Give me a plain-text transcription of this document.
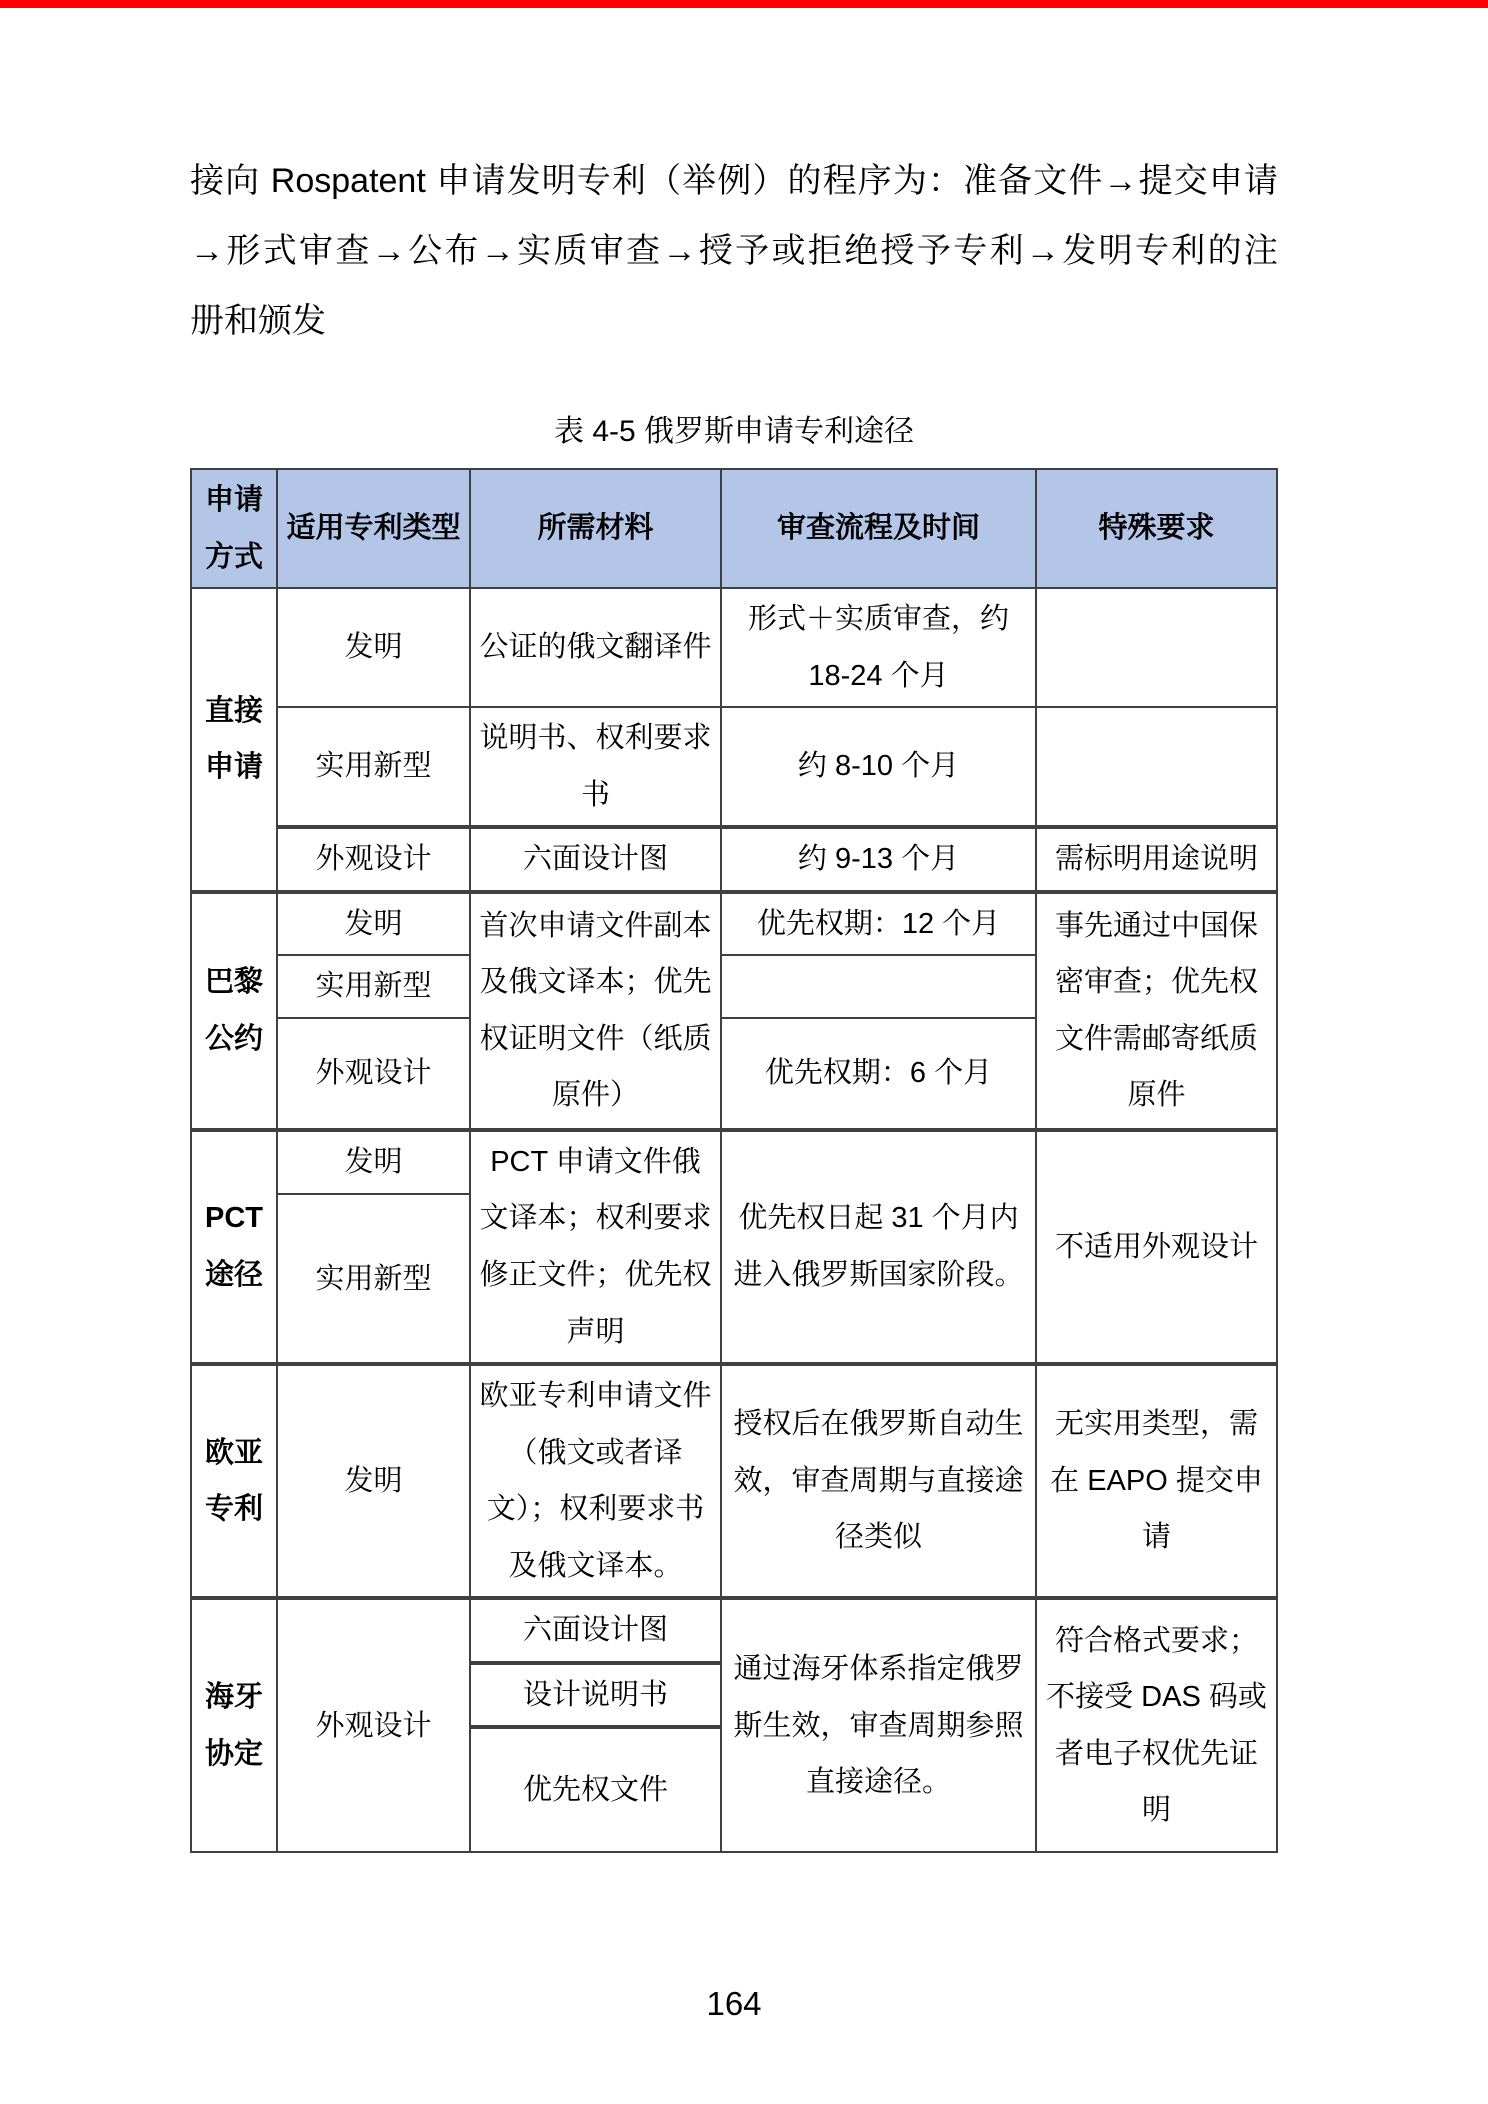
接向 Rospatent 申请发明专利（举例）的程序为：准备文件→提交申请
→形式审查→公布→实质审查→授予或拒绝授予专利→发明专利的注
册和颁发
表 4-5 俄罗斯申请专利途径
申请方式	适用专利类型	所需材料	审查流程及时间	特殊要求
直接申请	发明	公证的俄文翻译件	形式＋实质审查，约 18-24 个月	
	实用新型	说明书、权利要求书	约 8-10 个月	
	外观设计	六面设计图	约 9-13 个月	需标明用途说明
巴黎公约	发明	首次申请文件副本及俄文译本；优先权证明文件（纸质原件）	优先权期：12 个月	事先通过中国保密审查；优先权文件需邮寄纸质原件
	实用新型			
	外观设计		优先权期：6 个月	
PCT 途径	发明	PCT 申请文件俄文译本；权利要求修正文件；优先权声明	优先权日起 31 个月内进入俄罗斯国家阶段。	不适用外观设计
	实用新型			
欧亚专利	发明	欧亚专利申请文件（俄文或者译文）；权利要求书及俄文译本。	授权后在俄罗斯自动生效，审查周期与直接途径类似	无实用类型，需在 EAPO 提交申请
海牙协定	外观设计	六面设计图	通过海牙体系指定俄罗斯生效，审查周期参照直接途径。	符合格式要求；不接受 DAS 码或者电子权优先证明
		设计说明书		
		优先权文件		
164
